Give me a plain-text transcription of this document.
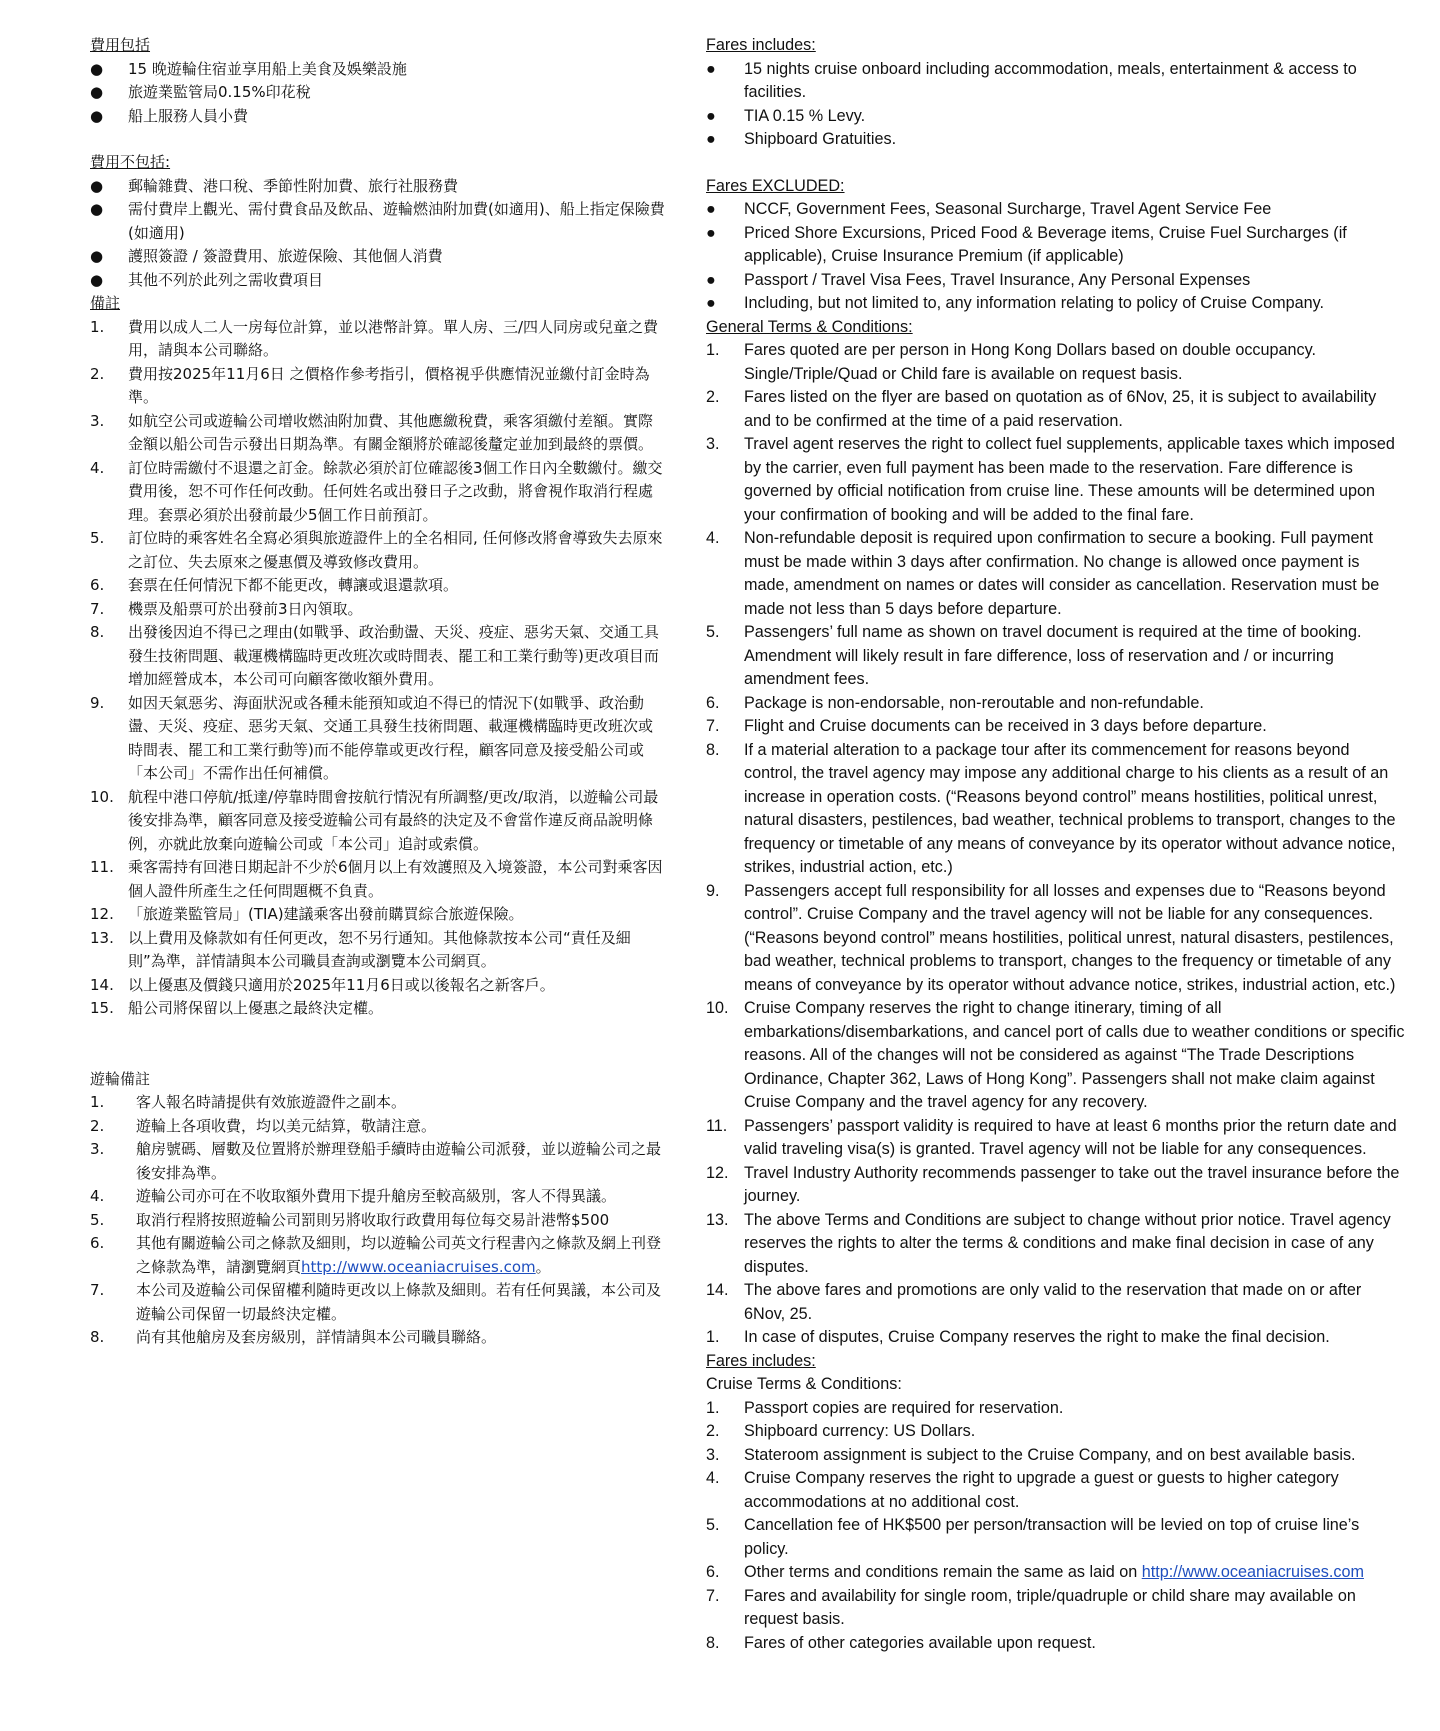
費用包括
●	15 晚遊輪住宿並享用船上美食及娛樂設施
●	旅遊業監管局0.15%印花稅
●	船上服務人員小費
費用不包括:
●	郵輪雜費、港口稅、季節性附加費、旅行社服務費
●	需付費岸上觀光、需付費食品及飲品、遊輪燃油附加費(如適用)、船上指定保險費(如適用)
●	護照簽證 / 簽證費用、旅遊保險、其他個人消費
●	其他不列於此列之需收費項目
備註
1.	費用以成人二人一房每位計算，並以港幣計算。單人房、三/四人同房或兒童之費用，請與本公司聯絡。
2.	費用按2025年11月6日 之價格作參考指引，價格視乎供應情況並繳付訂金時為準。
3.	如航空公司或遊輪公司增收燃油附加費、其他應繳稅費，乘客須繳付差額。實際金額以船公司告示發出日期為準。有關金額將於確認後釐定並加到最終的票價。
4.	訂位時需繳付不退還之訂金。餘款必須於訂位確認後3個工作日內全數繳付。繳交費用後，恕不可作任何改動。任何姓名或出發日子之改動，將會視作取消行程處理。套票必須於出發前最少5個工作日前預訂。
5.	訂位時的乘客姓名全寫必須與旅遊證件上的全名相同, 任何修改將會導致失去原來之訂位、失去原來之優惠價及導致修改費用。
6.	套票在任何情況下都不能更改，轉讓或退還款項。
7.	機票及船票可於出發前3日內領取。
8.	出發後因迫不得已之理由(如戰爭、政治動盪、天災、疫症、惡劣天氣、交通工具發生技術問題、載運機構臨時更改班次或時間表、罷工和工業行動等)更改項目而增加經營成本，本公司可向顧客徵收額外費用。
9.	如因天氣惡劣、海面狀況或各種未能預知或迫不得已的情況下(如戰爭、政治動盪、天災、疫症、惡劣天氣、交通工具發生技術問題、載運機構臨時更改班次或時間表、罷工和工業行動等)而不能停靠或更改行程，顧客同意及接受船公司或「本公司」不需作出任何補償。
10. 航程中港口停航/抵達/停靠時間會按航行情況有所調整/更改/取消，以遊輪公司最後安排為準，顧客同意及接受遊輪公司有最終的決定及不會當作違反商品說明條例，亦就此放棄向遊輪公司或「本公司」追討或索償。
11. 乘客需持有回港日期起計不少於6個月以上有效護照及入境簽證，本公司對乘客因個人證件所產生之任何問題概不負責。
12. 「旅遊業監管局」(TIA)建議乘客出發前購買綜合旅遊保險。
13. 以上費用及條款如有任何更改，恕不另行通知。其他條款按本公司“責任及細則”為準，詳情請與本公司職員查詢或瀏覽本公司網頁。
14. 以上優惠及價錢只適用於2025年11月6日或以後報名之新客戶。
15. 船公司將保留以上優惠之最終決定權。
遊輪備註
1.	客人報名時請提供有效旅遊證件之副本。
2.	遊輪上各項收費，均以美元結算，敬請注意。
3.	艙房號碼、層數及位置將於辦理登船手續時由遊輪公司派發，並以遊輪公司之最後安排為準。
4.	遊輪公司亦可在不收取額外費用下提升艙房至較高級別，客人不得異議。
5.	取消行程將按照遊輪公司罰則另將收取行政費用每位每交易計港幣$500
6.	其他有關遊輪公司之條款及細則，均以遊輪公司英文行程書內之條款及網上刊登之條款為準，請瀏覽網頁http://www.oceaniacruises.com。
7.	本公司及遊輪公司保留權利隨時更改以上條款及細則。若有任何異議，本公司及遊輪公司保留一切最終決定權。
8.	尚有其他艙房及套房級別，詳情請與本公司職員聯絡。
Fares includes:
●	15 nights cruise onboard including accommodation, meals, entertainment & access to facilities.
●	TIA 0.15 % Levy.
●	Shipboard Gratuities.
Fares EXCLUDED:
●	NCCF, Government Fees, Seasonal Surcharge, Travel Agent Service Fee
●	Priced Shore Excursions, Priced Food & Beverage items, Cruise Fuel Surcharges (if applicable), Cruise Insurance Premium (if applicable)
●	Passport / Travel Visa Fees, Travel Insurance, Any Personal Expenses
●	Including, but not limited to, any information relating to policy of Cruise Company.
General Terms & Conditions:
1.	Fares quoted are per person in Hong Kong Dollars based on double occupancy. Single/Triple/Quad or Child fare is available on request basis.
2.	Fares listed on the flyer are based on quotation as of 6Nov, 25, it is subject to availability and to be confirmed at the time of a paid reservation.
3.	Travel agent reserves the right to collect fuel supplements, applicable taxes which imposed by the carrier, even full payment has been made to the reservation. Fare difference is governed by official notification from cruise line. These amounts will be determined upon your confirmation of booking and will be added to the final fare.
4.	Non-refundable deposit is required upon confirmation to secure a booking. Full payment must be made within 3 days after confirmation. No change is allowed once payment is made, amendment on names or dates will consider as cancellation. Reservation must be made not less than 5 days before departure.
5.	Passengers’ full name as shown on travel document is required at the time of booking. Amendment will likely result in fare difference, loss of reservation and / or incurring amendment fees.
6.	Package is non-endorsable, non-reroutable and non-refundable.
7.	Flight and Cruise documents can be received in 3 days before departure.
8.	If a material alteration to a package tour after its commencement for reasons beyond control, the travel agency may impose any additional charge to his clients as a result of an increase in operation costs. (“Reasons beyond control” means hostilities, political unrest, natural disasters, pestilences, bad weather, technical problems to transport, changes to the frequency or timetable of any means of conveyance by its operator without advance notice, strikes, industrial action, etc.)
9.	Passengers accept full responsibility for all losses and expenses due to “Reasons beyond control”. Cruise Company and the travel agency will not be liable for any consequences. (“Reasons beyond control” means hostilities, political unrest, natural disasters, pestilences, bad weather, technical problems to transport, changes to the frequency or timetable of any means of conveyance by its operator without advance notice, strikes, industrial action, etc.)
10. Cruise Company reserves the right to change itinerary, timing of all embarkations/disembarkations, and cancel port of calls due to weather conditions or specific reasons. All of the changes will not be considered as against “The Trade Descriptions Ordinance, Chapter 362, Laws of Hong Kong”. Passengers shall not make claim against Cruise Company and the travel agency for any recovery.
11.	Passengers’ passport validity is required to have at least 6 months prior the return date and valid traveling visa(s) is granted. Travel agency will not be liable for any consequences.
12. Travel Industry Authority recommends passenger to take out the travel insurance before the journey.
13. The above Terms and Conditions are subject to change without prior notice. Travel agency reserves the rights to alter the terms & conditions and make final decision in case of any disputes.
14. The above fares and promotions are only valid to the reservation that made on or after 6Nov, 25.
1.	In case of disputes, Cruise Company reserves the right to make the final decision.
Fares includes:
Cruise Terms & Conditions:
1.	Passport copies are required for reservation.
2.	Shipboard currency: US Dollars.
3.	Stateroom assignment is subject to the Cruise Company, and on best available basis.
4.	Cruise Company reserves the right to upgrade a guest or guests to higher category accommodations at no additional cost.
5.	Cancellation fee of HK$500 per person/transaction will be levied on top of cruise line’s policy.
6.	Other terms and conditions remain the same as laid on http://www.oceaniacruises.com
7.	Fares and availability for single room, triple/quadruple or child share may available on request basis.
8.	Fares of other categories available upon request.
